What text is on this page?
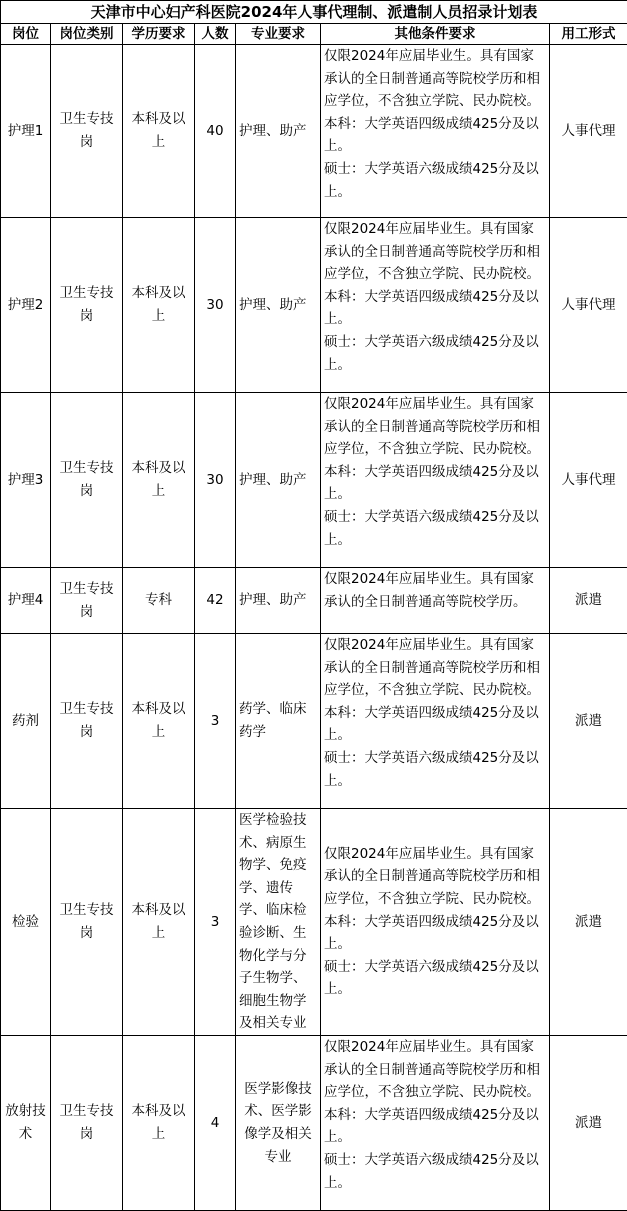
天津市中心妇产科医院2024年人事代理制、派遣制人员招录计划表						
岗位	岗位类别	学历要求	人数	专业要求	其他条件要求	用工形式
护理1	卫生专技岗	本科及以上	40	护理、助产	仅限2024年应届毕业生。具有国家承认的全日制普通高等院校学历和相应学位，不含独立学院、民办院校。
本科：大学英语四级成绩425分及以上。
硕士：大学英语六级成绩425分及以上。	人事代理
护理2	卫生专技岗	本科及以上	30	护理、助产	仅限2024年应届毕业生。具有国家承认的全日制普通高等院校学历和相应学位，不含独立学院、民办院校。
本科：大学英语四级成绩425分及以上。
硕士：大学英语六级成绩425分及以上。	人事代理
护理3	卫生专技岗	本科及以上	30	护理、助产	仅限2024年应届毕业生。具有国家承认的全日制普通高等院校学历和相应学位，不含独立学院、民办院校。
本科：大学英语四级成绩425分及以上。
硕士：大学英语六级成绩425分及以上。	人事代理
护理4	卫生专技岗	专科	42	护理、助产	仅限2024年应届毕业生。具有国家承认的全日制普通高等院校学历。	派遣
药剂	卫生专技岗	本科及以上	3	药学、临床药学	仅限2024年应届毕业生。具有国家承认的全日制普通高等院校学历和相应学位，不含独立学院、民办院校。
本科：大学英语四级成绩425分及以上。
硕士：大学英语六级成绩425分及以上。	派遣
检验	卫生专技岗	本科及以上	3	医学检验技术、病原生物学、免疫学、遗传学、临床检验诊断、生物化学与分子生物学、细胞生物学及相关专业	仅限2024年应届毕业生。具有国家承认的全日制普通高等院校学历和相应学位，不含独立学院、民办院校。
本科：大学英语四级成绩425分及以上。
硕士：大学英语六级成绩425分及以上。	派遣
放射技术	卫生专技岗	本科及以上	4	医学影像技术、医学影像学及相关专业	仅限2024年应届毕业生。具有国家承认的全日制普通高等院校学历和相应学位，不含独立学院、民办院校。
本科：大学英语四级成绩425分及以上。
硕士：大学英语六级成绩425分及以上。	派遣
